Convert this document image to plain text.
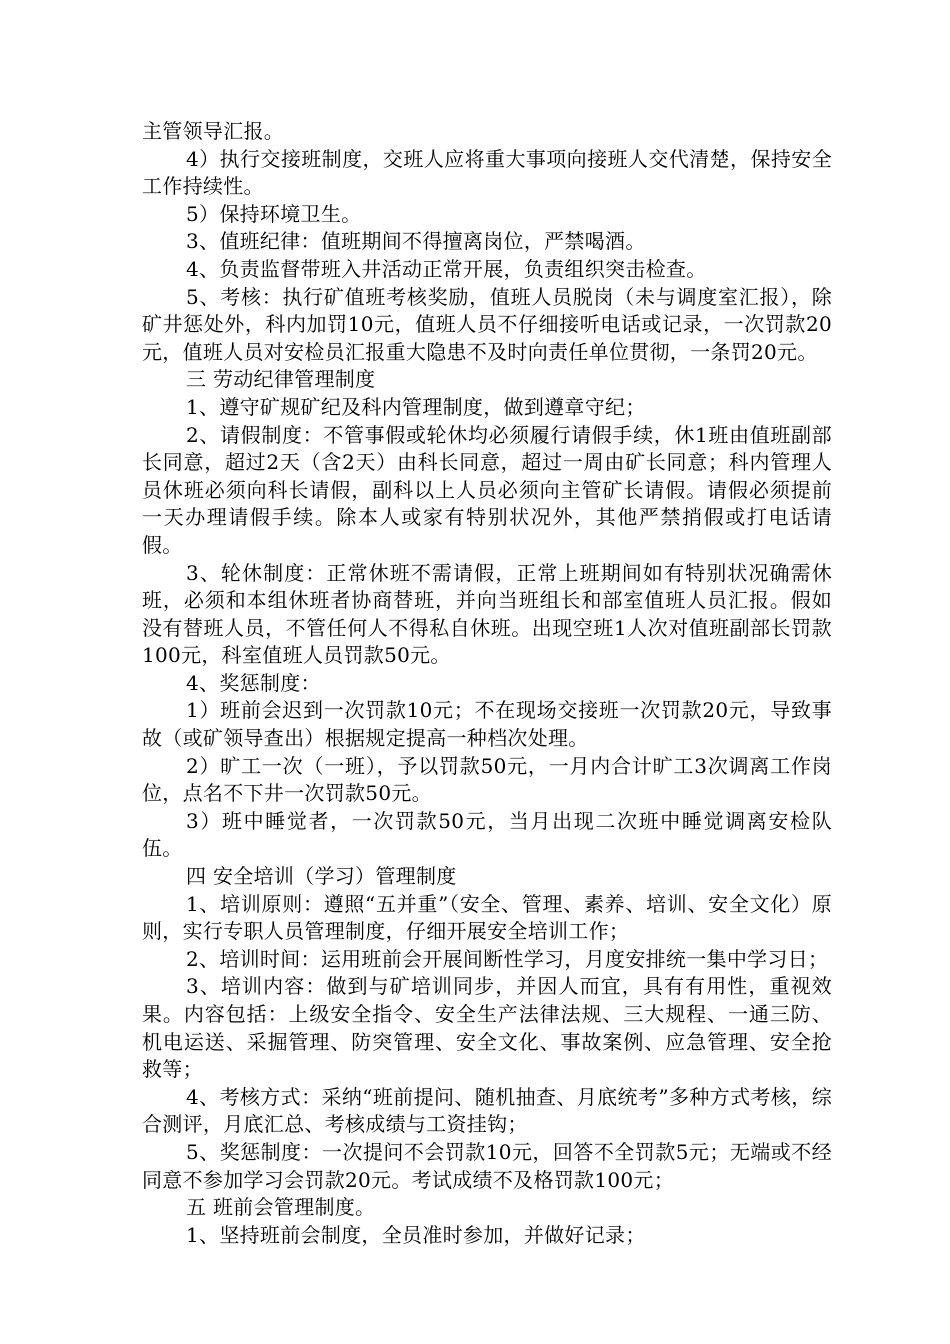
主管领导汇报。

4）执行交接班制度，交班人应将重大事项向接班人交代清楚，保持安全工作持续性。

5）保持环境卫生。

3、值班纪律：值班期间不得擅离岗位，严禁喝酒。

4、负责监督带班入井活动正常开展，负责组织突击检查。

5、考核：执行矿值班考核奖励，值班人员脱岗（未与调度室汇报），除矿井惩处外，科内加罚10元，值班人员不仔细接听电话或记录，一次罚款20元，值班人员对安检员汇报重大隐患不及时向责任单位贯彻，一条罚20元。

三 劳动纪律管理制度

1、遵守矿规矿纪及科内管理制度，做到遵章守纪；

2、请假制度：不管事假或轮休均必须履行请假手续，休1班由值班副部长同意，超过2天（含2天）由科长同意，超过一周由矿长同意；科内管理人员休班必须向科长请假，副科以上人员必须向主管矿长请假。请假必须提前一天办理请假手续。除本人或家有特别状况外，其他严禁捎假或打电话请假。

3、轮休制度：正常休班不需请假，正常上班期间如有特别状况确需休班，必须和本组休班者协商替班，并向当班组长和部室值班人员汇报。假如没有替班人员，不管任何人不得私自休班。出现空班1人次对值班副部长罚款100元，科室值班人员罚款50元。

4、奖惩制度：

1）班前会迟到一次罚款10元；不在现场交接班一次罚款20元，导致事故（或矿领导查出）根据规定提高一种档次处理。

2）旷工一次（一班），予以罚款50元，一月内合计旷工3次调离工作岗位，点名不下井一次罚款50元。

3）班中睡觉者，一次罚款50元，当月出现二次班中睡觉调离安检队伍。

四 安全培训（学习）管理制度

1、培训原则：遵照“五并重”（安全、管理、素养、培训、安全文化）原则，实行专职人员管理制度，仔细开展安全培训工作；

2、培训时间：运用班前会开展间断性学习，月度安排统一集中学习日；

3、培训内容：做到与矿培训同步，并因人而宜，具有有用性，重视效果。内容包括：上级安全指令、安全生产法律法规、三大规程、一通三防、机电运送、采掘管理、防突管理、安全文化、事故案例、应急管理、安全抢救等；

4、考核方式：采纳“班前提问、随机抽查、月底统考”多种方式考核，综合测评，月底汇总、考核成绩与工资挂钩；

5、奖惩制度：一次提问不会罚款10元，回答不全罚款5元；无端或不经同意不参加学习会罚款20元。考试成绩不及格罚款100元；

五 班前会管理制度。

1、坚持班前会制度，全员准时参加，并做好记录；
